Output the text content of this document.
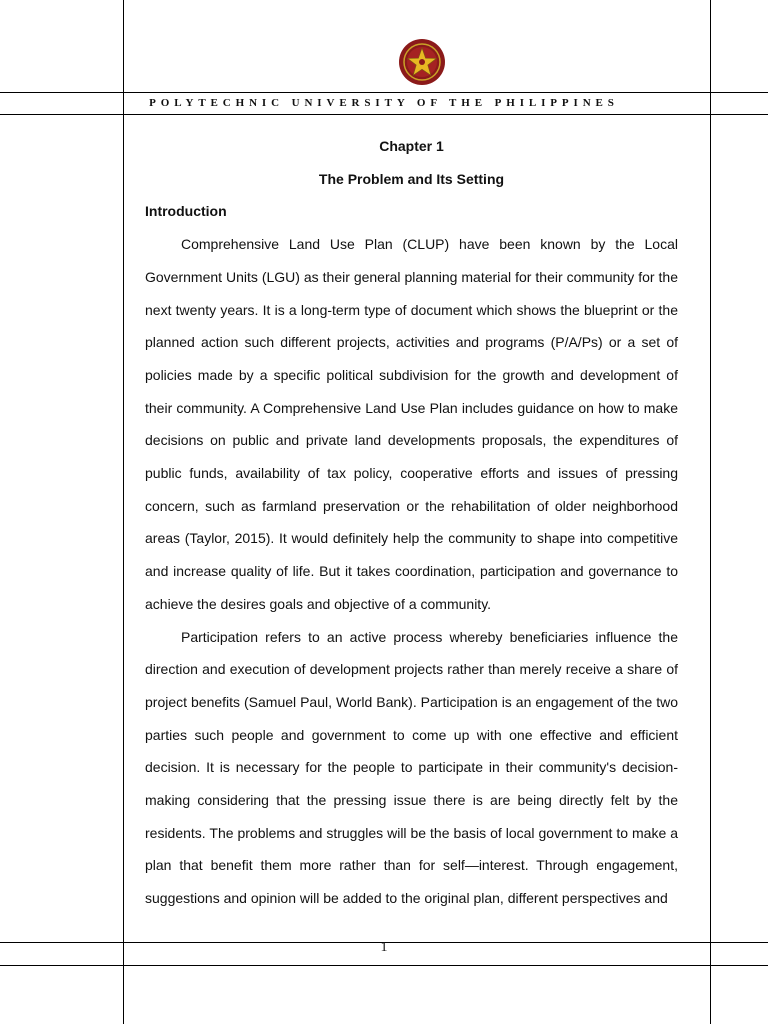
POLYTECHNIC UNIVERSITY OF THE PHILIPPINES

Chapter 1

The Problem and Its Setting

Introduction

Comprehensive Land Use Plan (CLUP) have been known by the Local Government Units (LGU) as their general planning material for their community for the next twenty years. It is a long-term type of document which shows the blueprint or the planned action such different projects, activities and programs (P/A/Ps) or a set of policies made by a specific political subdivision for the growth and development of their community. A Comprehensive Land Use Plan includes guidance on how to make decisions on public and private land developments proposals, the expenditures of public funds, availability of tax policy, cooperative efforts and issues of pressing concern, such as farmland preservation or the rehabilitation of older neighborhood areas (Taylor, 2015). It would definitely help the community to shape into competitive and increase quality of life. But it takes coordination, participation and governance to achieve the desires goals and objective of a community.

Participation refers to an active process whereby beneficiaries influence the direction and execution of development projects rather than merely receive a share of project benefits (Samuel Paul, World Bank). Participation is an engagement of the two parties such people and government to come up with one effective and efficient decision. It is necessary for the people to participate in their community's decision-making considering that the pressing issue there is are being directly felt by the residents. The problems and struggles will be the basis of local government to make a plan that benefit them more rather than for self—interest. Through engagement, suggestions and opinion will be added to the original plan, different perspectives and

1
